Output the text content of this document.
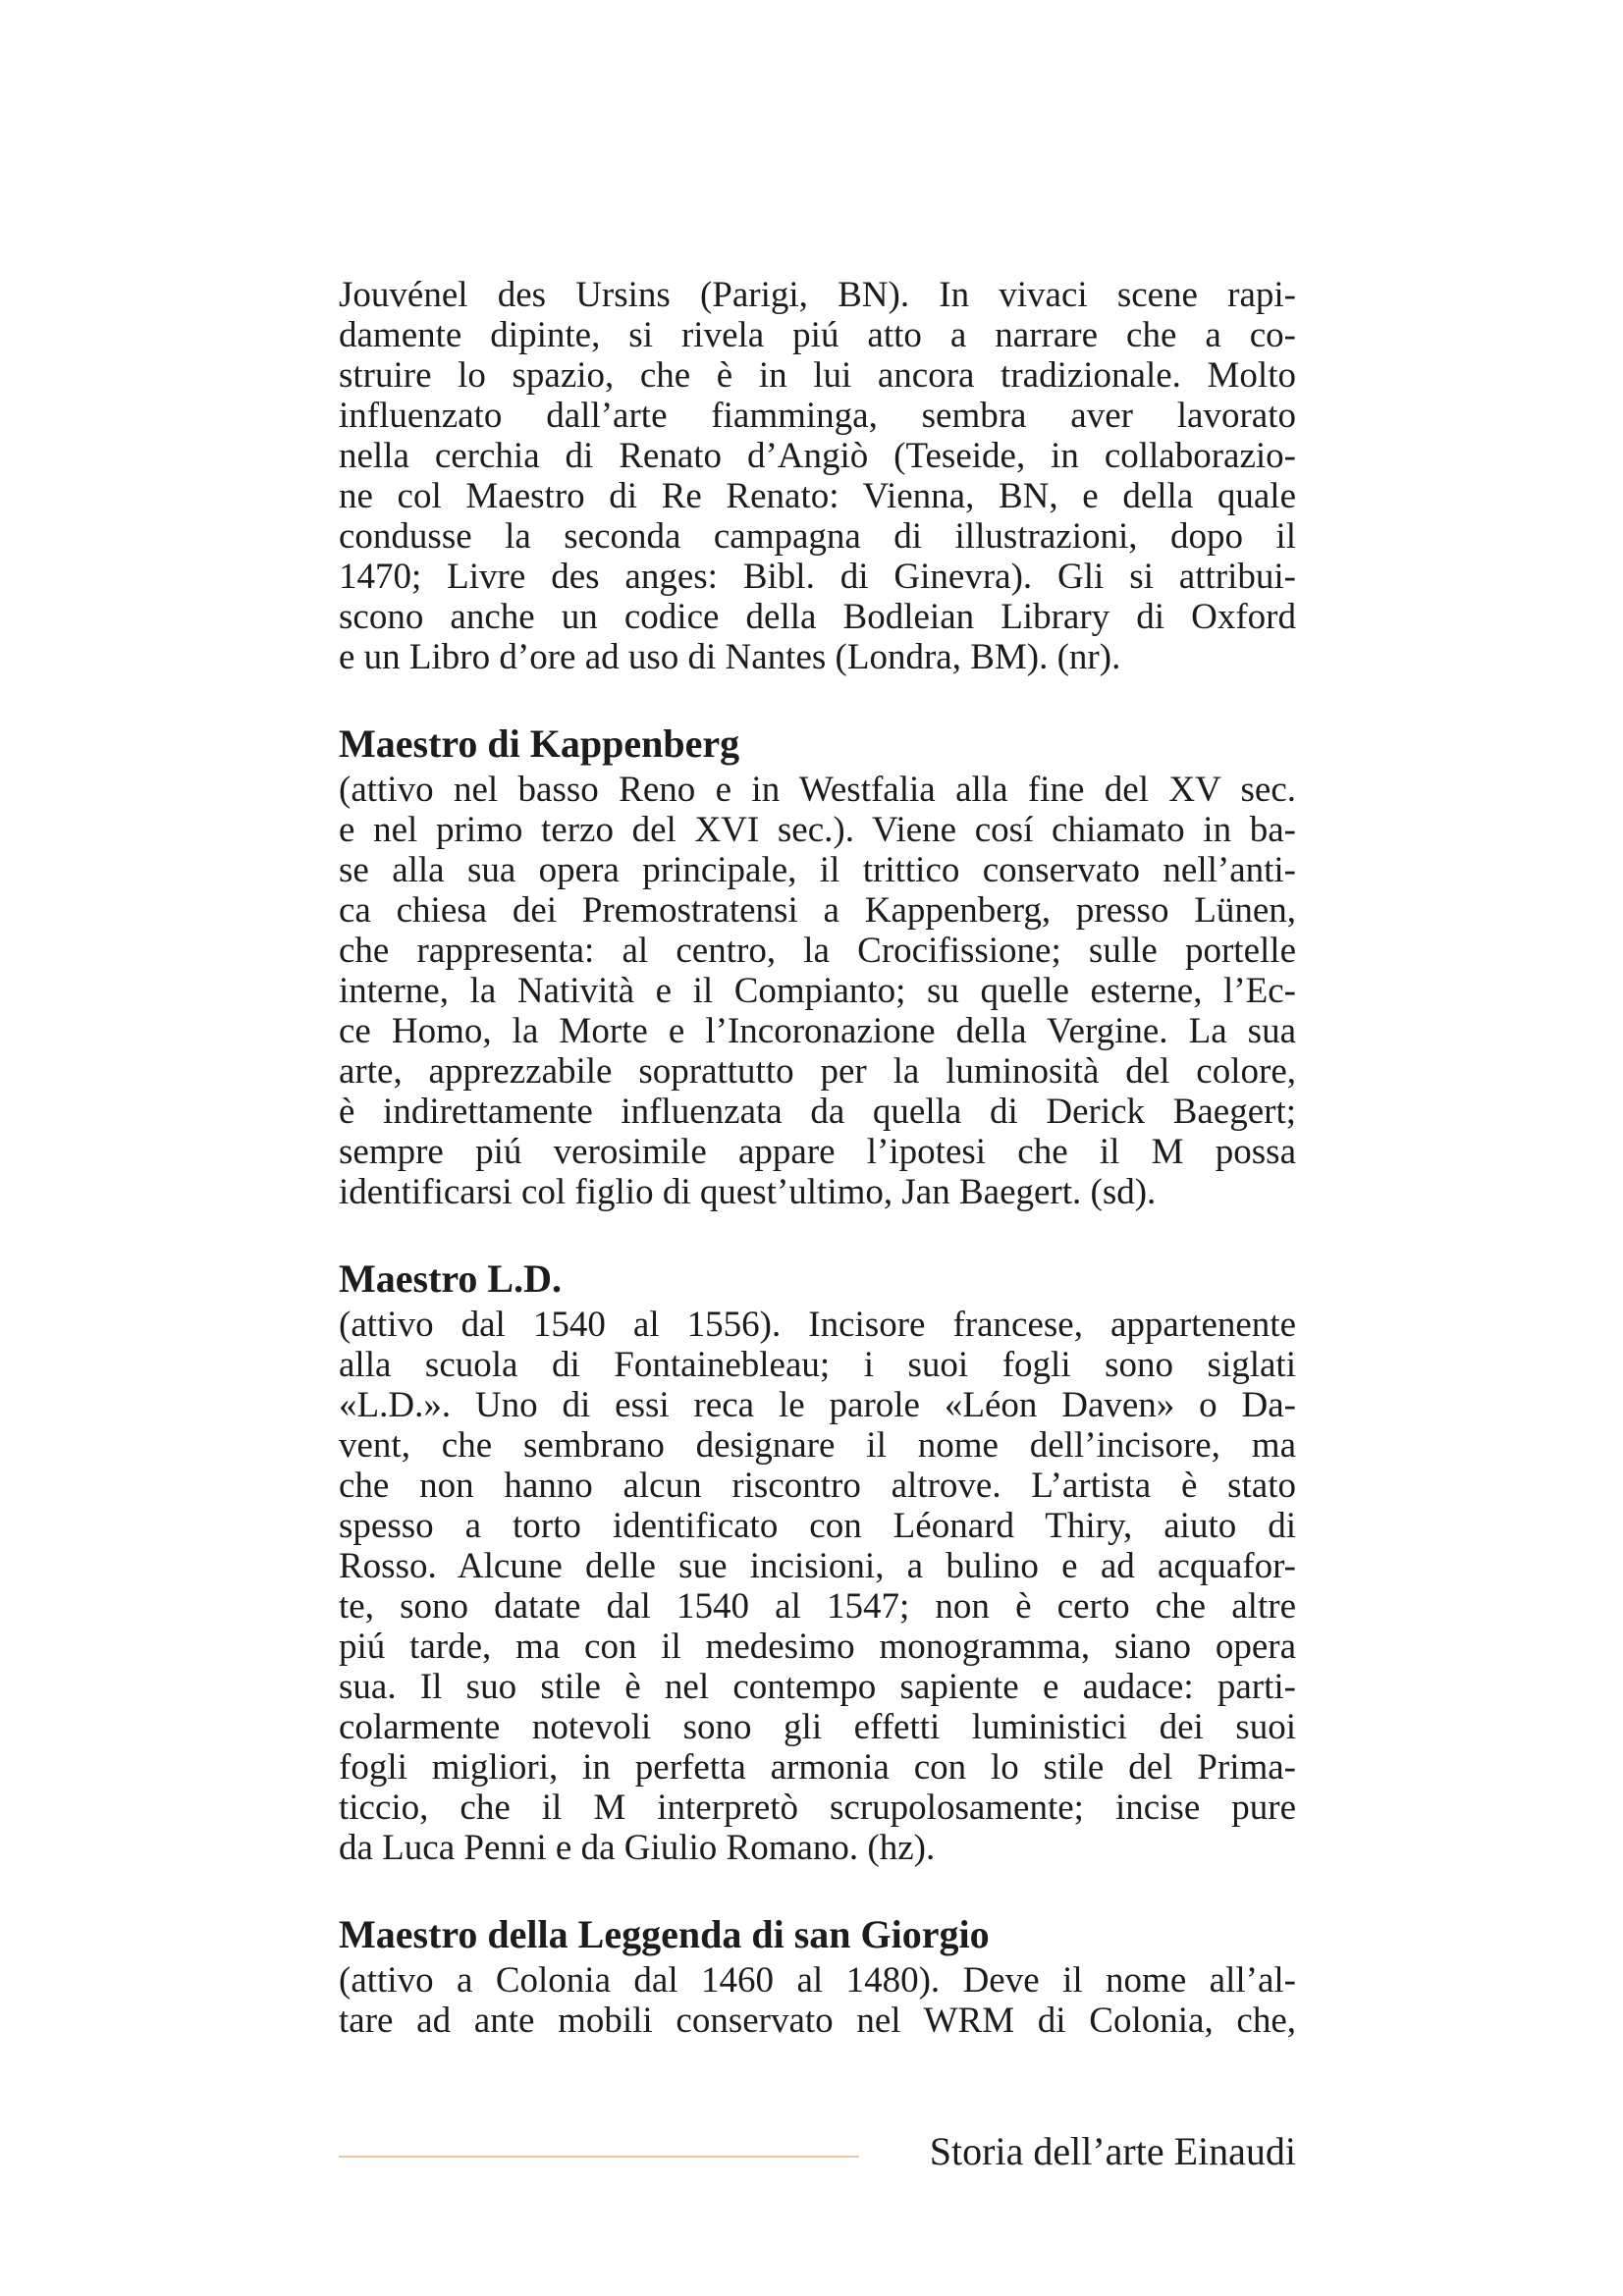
Jouvénel des Ursins (Parigi, BN). In vivaci scene rapi-
damente dipinte, si rivela piú atto a narrare che a co-
struire lo spazio, che è in lui ancora tradizionale. Molto
influenzato dall’arte fiamminga, sembra aver lavorato
nella cerchia di Renato d’Angiò (Teseide, in collaborazio-
ne col Maestro di Re Renato: Vienna, BN, e della quale
condusse la seconda campagna di illustrazioni, dopo il
1470; Livre des anges: Bibl. di Ginevra). Gli si attribui-
scono anche un codice della Bodleian Library di Oxford
e un Libro d’ore ad uso di Nantes (Londra, BM). (nr).
Maestro di Kappenberg
(attivo nel basso Reno e in Westfalia alla fine del XV sec.
e nel primo terzo del XVI sec.). Viene cosí chiamato in ba-
se alla sua opera principale, il trittico conservato nell’anti-
ca chiesa dei Premostratensi a Kappenberg, presso Lünen,
che rappresenta: al centro, la Crocifissione; sulle portelle
interne, la Natività e il Compianto; su quelle esterne, l’Ec-
ce Homo, la Morte e l’Incoronazione della Vergine. La sua
arte, apprezzabile soprattutto per la luminosità del colore,
è indirettamente influenzata da quella di Derick Baegert;
sempre piú verosimile appare l’ipotesi che il M possa
identificarsi col figlio di quest’ultimo, Jan Baegert. (sd).
Maestro L.D.
(attivo dal 1540 al 1556). Incisore francese, appartenente
alla scuola di Fontainebleau; i suoi fogli sono siglati
«L.D.». Uno di essi reca le parole «Léon Daven» o Da-
vent, che sembrano designare il nome dell’incisore, ma
che non hanno alcun riscontro altrove. L’artista è stato
spesso a torto identificato con Léonard Thiry, aiuto di
Rosso. Alcune delle sue incisioni, a bulino e ad acquafor-
te, sono datate dal 1540 al 1547; non è certo che altre
piú tarde, ma con il medesimo monogramma, siano opera
sua. Il suo stile è nel contempo sapiente e audace: parti-
colarmente notevoli sono gli effetti luministici dei suoi
fogli migliori, in perfetta armonia con lo stile del Prima-
ticcio, che il M interpretò scrupolosamente; incise pure
da Luca Penni e da Giulio Romano. (hz).
Maestro della Leggenda di san Giorgio
(attivo a Colonia dal 1460 al 1480). Deve il nome all’al-
tare ad ante mobili conservato nel WRM di Colonia, che,
Storia dell’arte Einaudi
